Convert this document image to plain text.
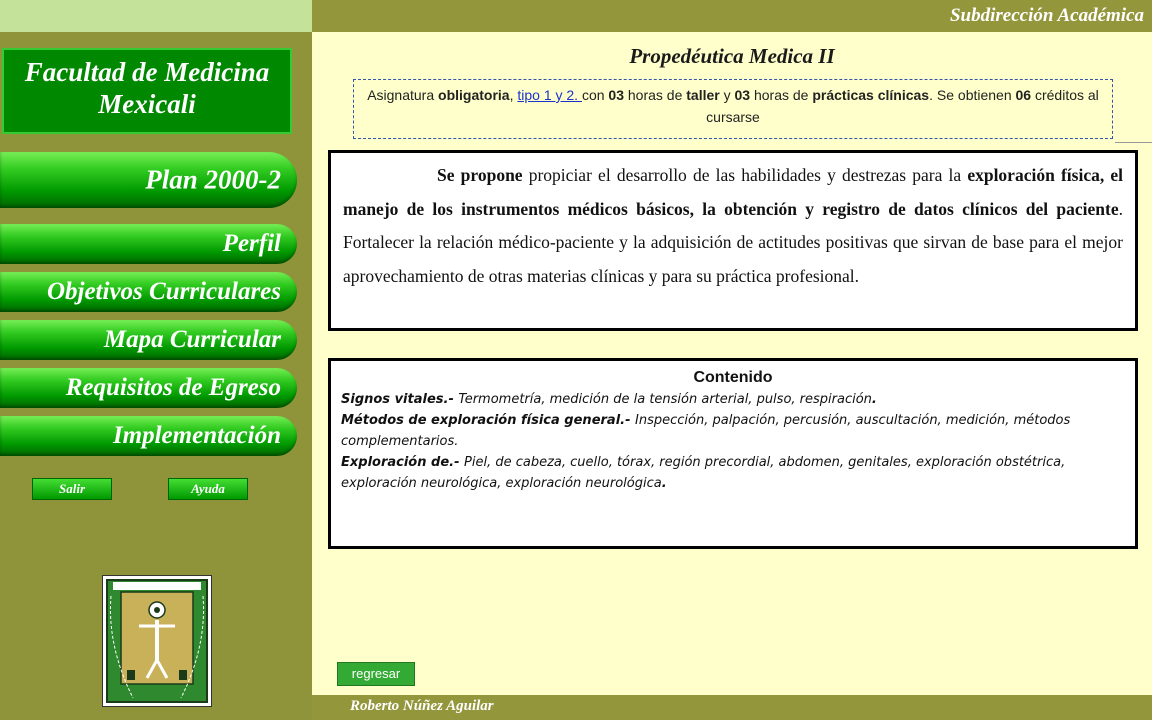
Subdirección Académica
Facultad de Medicina
Mexicali
Plan 2000-2
Perfil
Objetivos Curriculares
Mapa Curricular
Requisitos de Egreso
Implementación
Salir	Ayuda
Propedéutica Medica II
Asignatura obligatoria, tipo 1 y 2. con 03 horas de taller y 03 horas de prácticas clínicas. Se obtienen 06 créditos al cursarse
Se propone propiciar el desarrollo de las habilidades y destrezas para la exploración física, el manejo de los instrumentos médicos básicos, la obtención y registro de datos clínicos del paciente. Fortalecer la relación médico-paciente y la adquisición de actitudes positivas que sirvan de base para el mejor aprovechamiento de otras materias clínicas y para su práctica profesional.
Contenido
Signos vitales.- Termometría, medición de la tensión arterial, pulso, respiración.
Métodos de exploración física general.- Inspección, palpación, percusión, auscultación, medición, métodos complementarios.
Exploración de.- Piel, de cabeza, cuello, tórax, región precordial, abdomen, genitales, exploración obstétrica, exploración neurológica, exploración neurológica.
regresar
Roberto Núñez Aguilar
